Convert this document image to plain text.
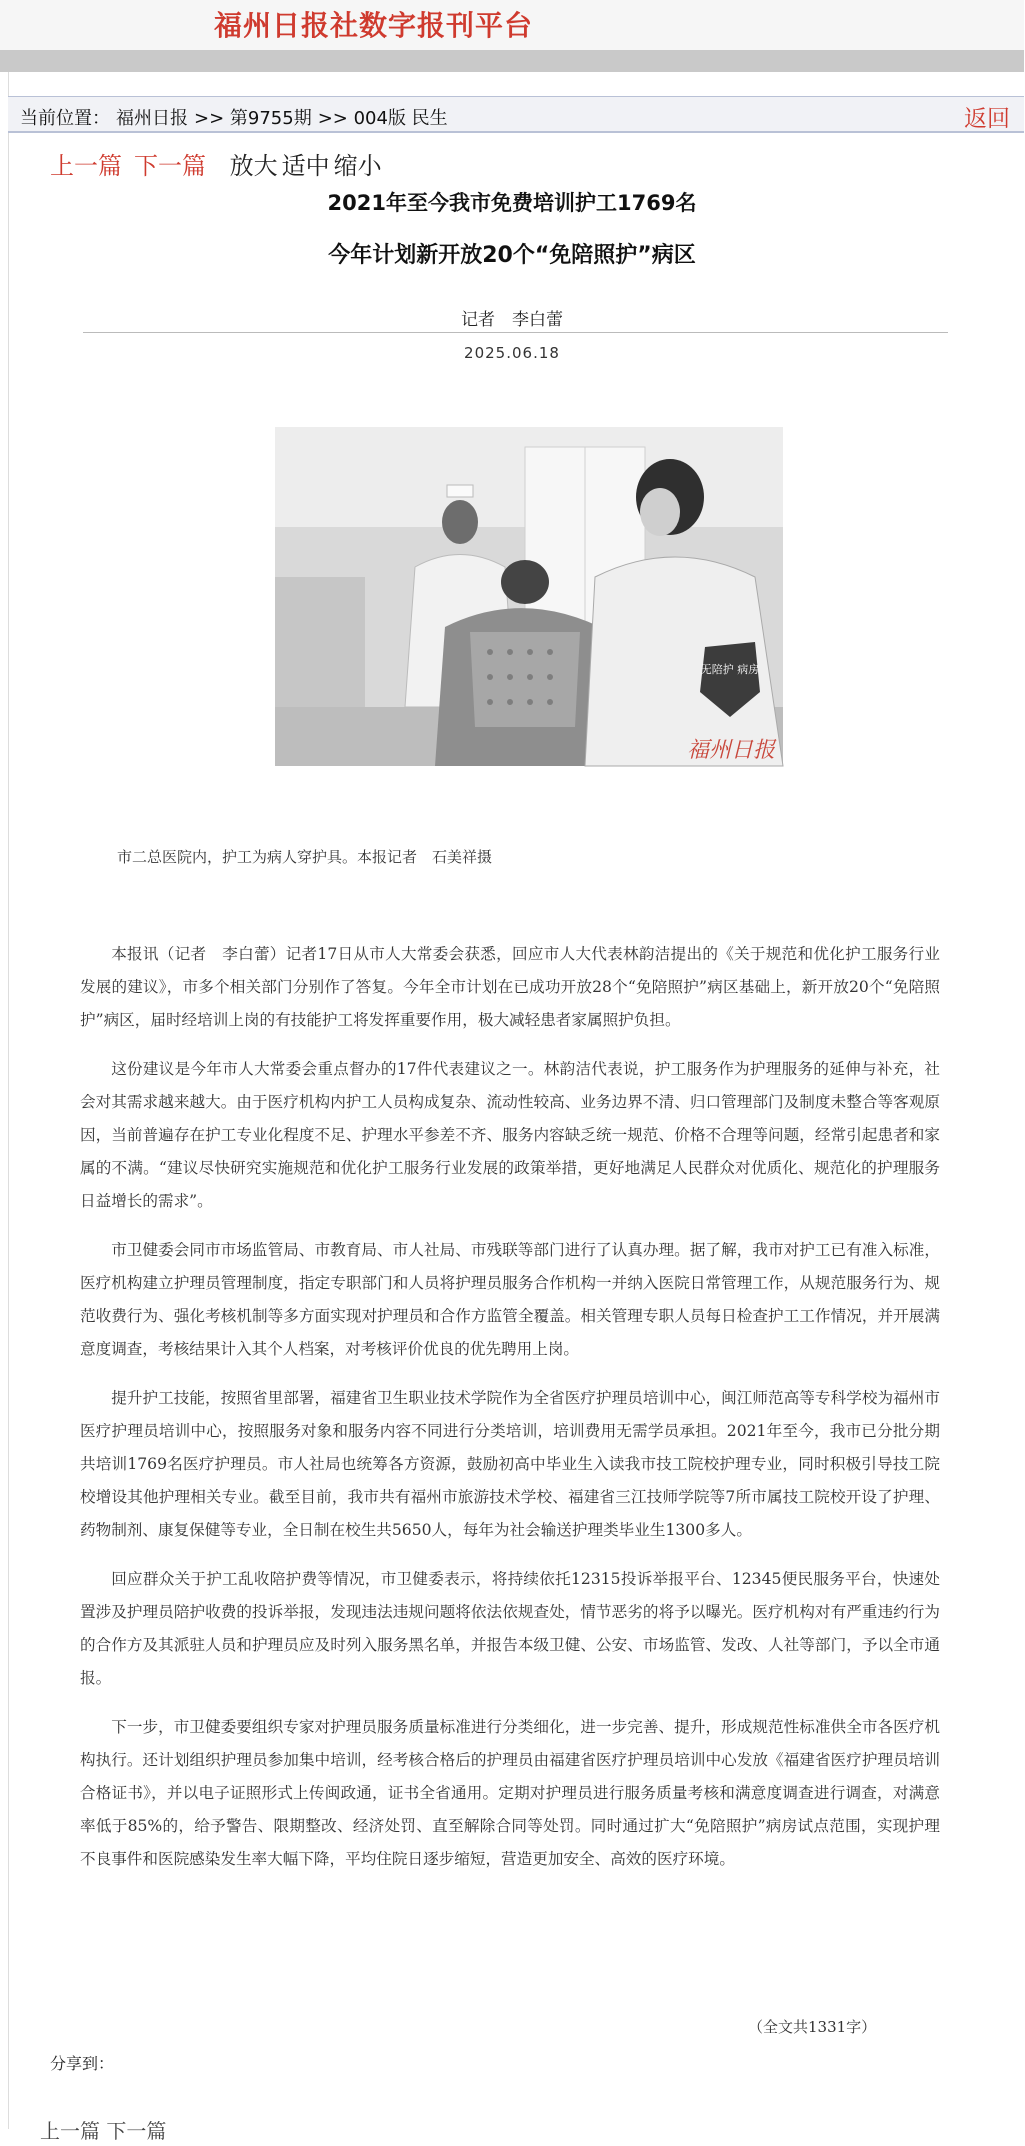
福州日报社数字报刊平台
当前位置： 福州日报 >> 第9755期 >> 004版 民生	返回
上一篇 下一篇 放大 适中 缩小
2021年至今我市免费培训护工1769名
今年计划新开放20个“免陪照护”病区
记者　李白蕾
2025.06.18
无陪护 病房
福州日报
市二总医院内，护工为病人穿护具。本报记者　石美祥摄

本报讯（记者　李白蕾）记者17日从市人大常委会获悉，回应市人大代表林韵洁提出的《关于规范和优化护工服务行业发展的建议》，市多个相关部门分别作了答复。今年全市计划在已成功开放28个“免陪照护”病区基础上，新开放20个“免陪照护”病区，届时经培训上岗的有技能护工将发挥重要作用，极大减轻患者家属照护负担。

这份建议是今年市人大常委会重点督办的17件代表建议之一。林韵洁代表说，护工服务作为护理服务的延伸与补充，社会对其需求越来越大。由于医疗机构内护工人员构成复杂、流动性较高、业务边界不清、归口管理部门及制度未整合等客观原因，当前普遍存在护工专业化程度不足、护理水平参差不齐、服务内容缺乏统一规范、价格不合理等问题，经常引起患者和家属的不满。“建议尽快研究实施规范和优化护工服务行业发展的政策举措，更好地满足人民群众对优质化、规范化的护理服务日益增长的需求”。

市卫健委会同市市场监管局、市教育局、市人社局、市残联等部门进行了认真办理。据了解，我市对护工已有准入标准，医疗机构建立护理员管理制度，指定专职部门和人员将护理员服务合作机构一并纳入医院日常管理工作，从规范服务行为、规范收费行为、强化考核机制等多方面实现对护理员和合作方监管全覆盖。相关管理专职人员每日检查护工工作情况，并开展满意度调查，考核结果计入其个人档案，对考核评价优良的优先聘用上岗。

提升护工技能，按照省里部署，福建省卫生职业技术学院作为全省医疗护理员培训中心，闽江师范高等专科学校为福州市医疗护理员培训中心，按照服务对象和服务内容不同进行分类培训，培训费用无需学员承担。2021年至今，我市已分批分期共培训1769名医疗护理员。市人社局也统筹各方资源，鼓励初高中毕业生入读我市技工院校护理专业，同时积极引导技工院校增设其他护理相关专业。截至目前，我市共有福州市旅游技术学校、福建省三江技师学院等7所市属技工院校开设了护理、药物制剂、康复保健等专业，全日制在校生共5650人，每年为社会输送护理类毕业生1300多人。

回应群众关于护工乱收陪护费等情况，市卫健委表示，将持续依托12315投诉举报平台、12345便民服务平台，快速处置涉及护理员陪护收费的投诉举报，发现违法违规问题将依法依规查处，情节恶劣的将予以曝光。医疗机构对有严重违约行为的合作方及其派驻人员和护理员应及时列入服务黑名单，并报告本级卫健、公安、市场监管、发改、人社等部门，予以全市通报。

下一步，市卫健委要组织专家对护理员服务质量标准进行分类细化，进一步完善、提升，形成规范性标准供全市各医疗机构执行。还计划组织护理员参加集中培训，经考核合格后的护理员由福建省医疗护理员培训中心发放《福建省医疗护理员培训合格证书》，并以电子证照形式上传闽政通，证书全省通用。定期对护理员进行服务质量考核和满意度调查进行调查，对满意率低于85%的，给予警告、限期整改、经济处罚、直至解除合同等处罚。同时通过扩大“免陪照护”病房试点范围，实现护理不良事件和医院感染发生率大幅下降，平均住院日逐步缩短，营造更加安全、高效的医疗环境。

（全文共1331字）
分享到：
上一篇 下一篇
